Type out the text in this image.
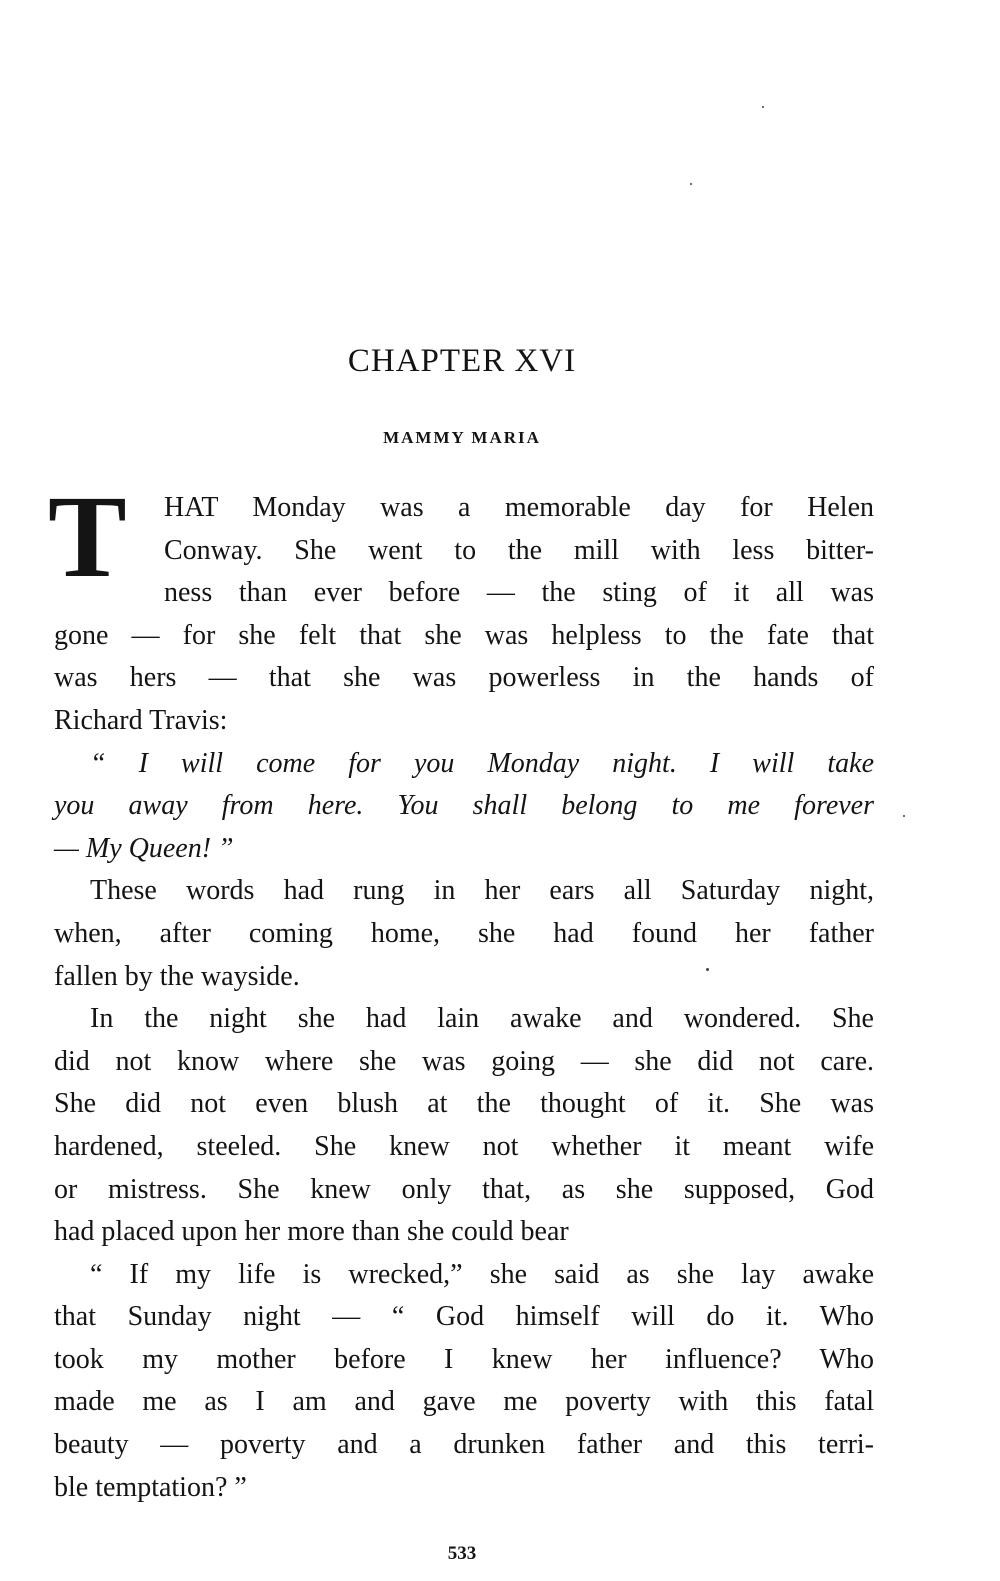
CHAPTER XVI
MAMMY MARIA
T	HAT Monday was a memorable day for Helen
Conway. She went to the mill with less bitter-
ness than ever before — the sting of it all was
gone — for she felt that she was helpless to the fate that
was hers — that she was powerless in the hands of
Richard Travis:
“ I will come for you Monday night. I will take
you away from here. You shall belong to me forever
— My Queen! ”
These words had rung in her ears all Saturday night,
when, after coming home, she had found her father
fallen by the wayside.
In the night she had lain awake and wondered. She
did not know where she was going — she did not care.
She did not even blush at the thought of it. She was
hardened, steeled. She knew not whether it meant wife
or mistress. She knew only that, as she supposed, God
had placed upon her more than she could bear
“ If my life is wrecked,” she said as she lay awake
that Sunday night — “ God himself will do it. Who
took my mother before I knew her influence? Who
made me as I am and gave me poverty with this fatal
beauty — poverty and a drunken father and this terri-
ble temptation? ”
533
